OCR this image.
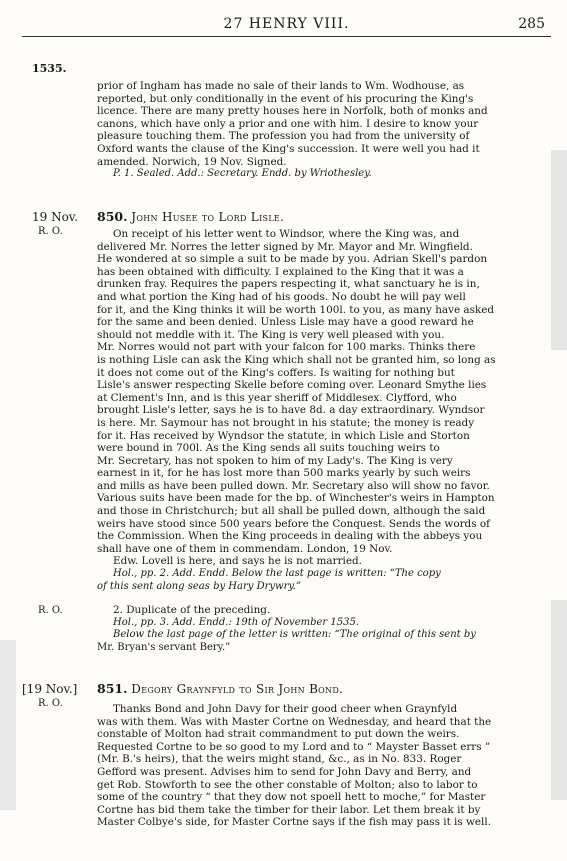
27 HENRY VIII.	285
1535.
prior of Ingham has made no sale of their lands to Wm. Wodhouse, as
reported, but only conditionally in the event of his procuring the King's
licence. There are many pretty houses here in Norfolk, both of monks and
canons, which have only a prior and one with him. I desire to know your
pleasure touching them. The profession you had from the university of
Oxford wants the clause of the King's succession. It were well you had it
amended. Norwich, 19 Nov. Signed.
P. 1. Sealed. Add.: Secretary. Endd. by Wriothesley.
19 Nov.
R. O.
850. John Husee to Lord Lisle.
On receipt of his letter went to Windsor, where the King was, and
delivered Mr. Norres the letter signed by Mr. Mayor and Mr. Wingfield.
He wondered at so simple a suit to be made by you. Adrian Skell's pardon
has been obtained with difficulty. I explained to the King that it was a
drunken fray. Requires the papers respecting it, what sanctuary he is in,
and what portion the King had of his goods. No doubt he will pay well
for it, and the King thinks it will be worth 100l. to you, as many have asked
for the same and been denied. Unless Lisle may have a good reward he
should not meddle with it. The King is very well pleased with you.
Mr. Norres would not part with your falcon for 100 marks. Thinks there
is nothing Lisle can ask the King which shall not be granted him, so long as
it does not come out of the King's coffers. Is waiting for nothing but
Lisle's answer respecting Skelle before coming over. Leonard Smythe lies
at Clement's Inn, and is this year sheriff of Middlesex. Clyfford, who
brought Lisle's letter, says he is to have 8d. a day extraordinary. Wyndsor
is here. Mr. Saymour has not brought in his statute; the money is ready
for it. Has received by Wyndsor the statute, in which Lisle and Storton
were bound in 700l. As the King sends all suits touching weirs to
Mr. Secretary, has not spoken to him of my Lady's. The King is very
earnest in it, for he has lost more than 500 marks yearly by such weirs
and mills as have been pulled down. Mr. Secretary also will show no favor.
Various suits have been made for the bp. of Winchester's weirs in Hampton
and those in Christchurch; but all shall be pulled down, although the said
weirs have stood since 500 years before the Conquest. Sends the words of
the Commission. When the King proceeds in dealing with the abbeys you
shall have one of them in commendam. London, 19 Nov.
Edw. Lovell is here, and says he is not married.
Hol., pp. 2. Add. Endd. Below the last page is written: “The copy
of this sent along seas by Hary Drywry.”
R. O.	2. Duplicate of the preceding.
Hol., pp. 3. Add. Endd.: 19th of November 1535.
Below the last page of the letter is written: “The original of this sent by
Mr. Bryan's servant Bery.”
[19 Nov.]
R. O.
851. Degory Graynfyld to Sir John Bond.
Thanks Bond and John Davy for their good cheer when Graynfyld
was with them. Was with Master Cortne on Wednesday, and heard that the
constable of Molton had strait commandment to put down the weirs.
Requested Cortne to be so good to my Lord and to “ Mayster Basset errs ”
(Mr. B.'s heirs), that the weirs might stand, &c., as in No. 833. Roger
Gefford was present. Advises him to send for John Davy and Berry, and
get Rob. Stowforth to see the other constable of Molton; also to labor to
some of the country “ that they dow not spoell hett to moche,” for Master
Cortne has bid them take the timber for their labor. Let them break it by
Master Colbye's side, for Master Cortne says if the fish may pass it is well.
